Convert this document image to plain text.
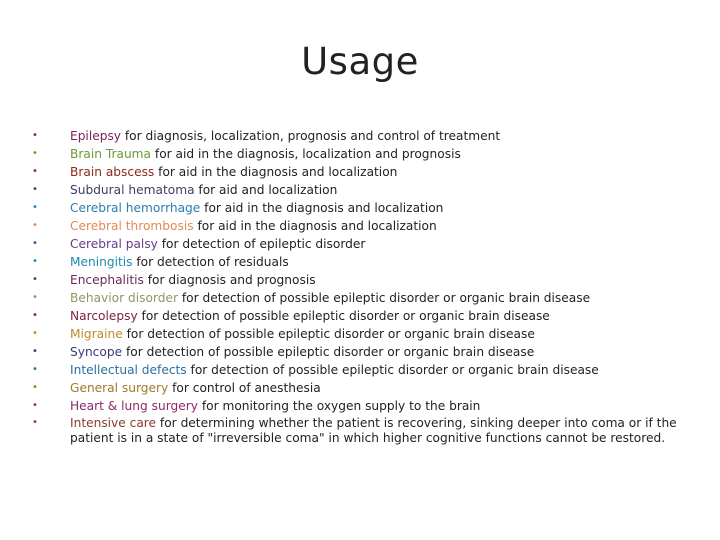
Usage
•	Epilepsy for diagnosis, localization, prognosis and control of treatment
•	Brain Trauma for aid in the diagnosis, localization and prognosis
•	Brain abscess for aid in the diagnosis and localization
•	Subdural hematoma for aid and localization
•	Cerebral hemorrhage for aid in the diagnosis and localization
•	Cerebral thrombosis for aid in the diagnosis and localization
•	Cerebral palsy for detection of epileptic disorder
•	Meningitis for detection of residuals
•	Encephalitis for diagnosis and prognosis
•	Behavior disorder for detection of possible epileptic disorder or organic brain disease
•	Narcolepsy for detection of possible epileptic disorder or organic brain disease
•	Migraine for detection of possible epileptic disorder or organic brain disease
•	Syncope for detection of possible epileptic disorder or organic brain disease
•	Intellectual defects for detection of possible epileptic disorder or organic brain disease
•	General surgery for control of anesthesia
•	Heart & lung surgery for monitoring the oxygen supply to the brain
•	Intensive care for determining whether the patient is recovering, sinking deeper into coma or if the patient is in a state of "irreversible coma" in which higher cognitive functions cannot be restored.
